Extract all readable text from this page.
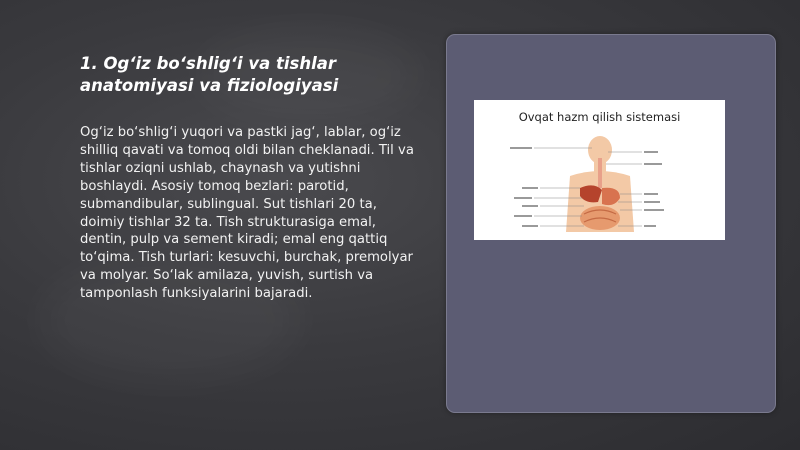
1. Og‘iz bo‘shlig‘i va tishlar anatomiyasi va fiziologiyasi

Og‘iz bo‘shlig‘i yuqori va pastki jag‘, lablar, og‘iz shilliq qavati va tomoq oldi bilan cheklanadi. Til va tishlar oziqni ushlab, chaynash va yutishni boshlaydi. Asosiy tomoq bezlari: parotid, submandibular, sublingual. Sut tishlari 20 ta, doimiy tishlar 32 ta. Tish strukturasiga emal, dentin, pulp va sement kiradi; emal eng qattiq to‘qima. Tish turlari: kesuvchi, burchak, premolyar va molyar. So‘lak amilaza, yuvish, surtish va tamponlash funksiyalarini bajaradi.

Ovqat hazm qilish sistemasi
